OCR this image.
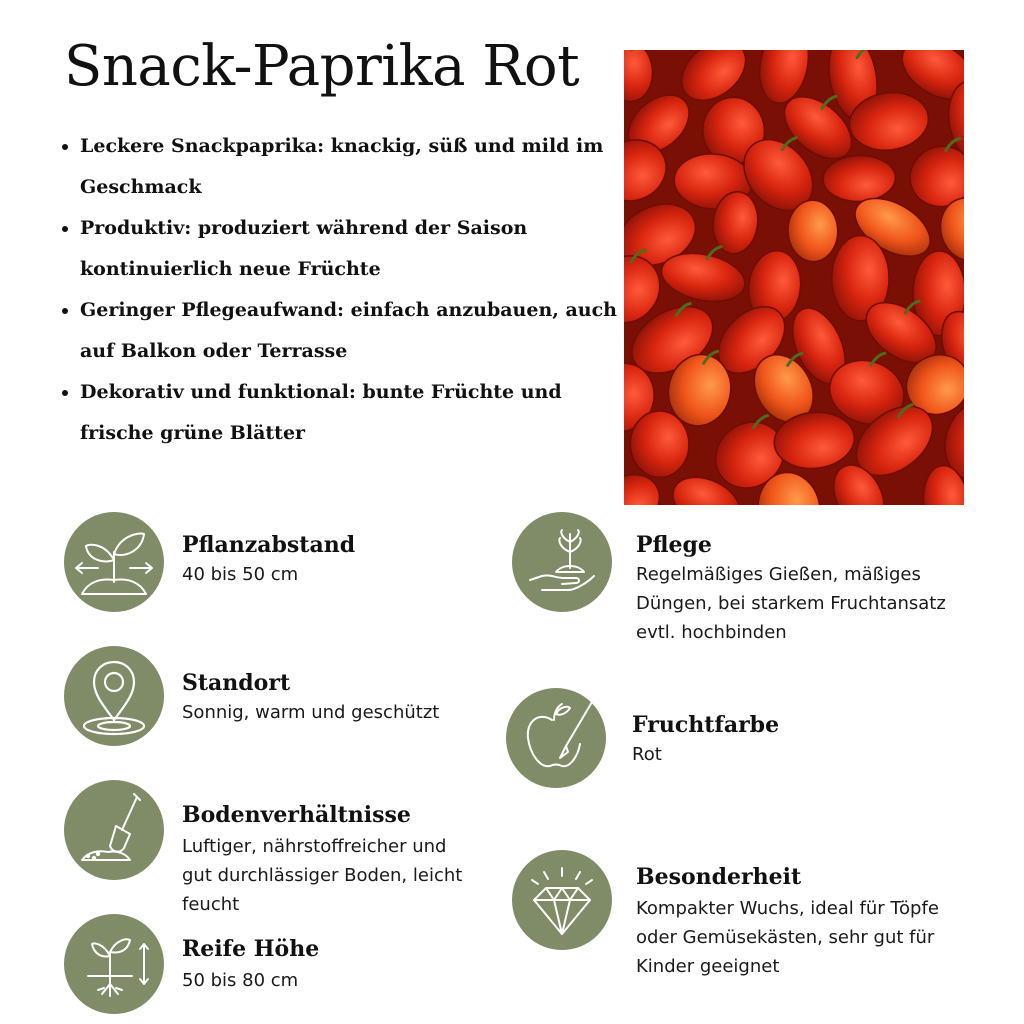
Snack-Paprika Rot
• Leckere Snackpaprika: knackig, süß und mild im Geschmack
• Produktiv: produziert während der Saison kontinuierlich neue Früchte
• Geringer Pflegeaufwand: einfach anzubauen, auch auf Balkon oder Terrasse
• Dekorativ und funktional: bunte Früchte und frische grüne Blätter
Pflanzabstand
40 bis 50 cm
Standort
Sonnig, warm und geschützt
Bodenverhältnisse
Luftiger, nährstoffreicher und gut durchlässiger Boden, leicht feucht
Reife Höhe
50 bis 80 cm
Pflege
Regelmäßiges Gießen, mäßiges Düngen, bei starkem Fruchtansatz evtl. hochbinden
Fruchtfarbe
Rot
Besonderheit
Kompakter Wuchs, ideal für Töpfe oder Gemüsekästen, sehr gut für Kinder geeignet
